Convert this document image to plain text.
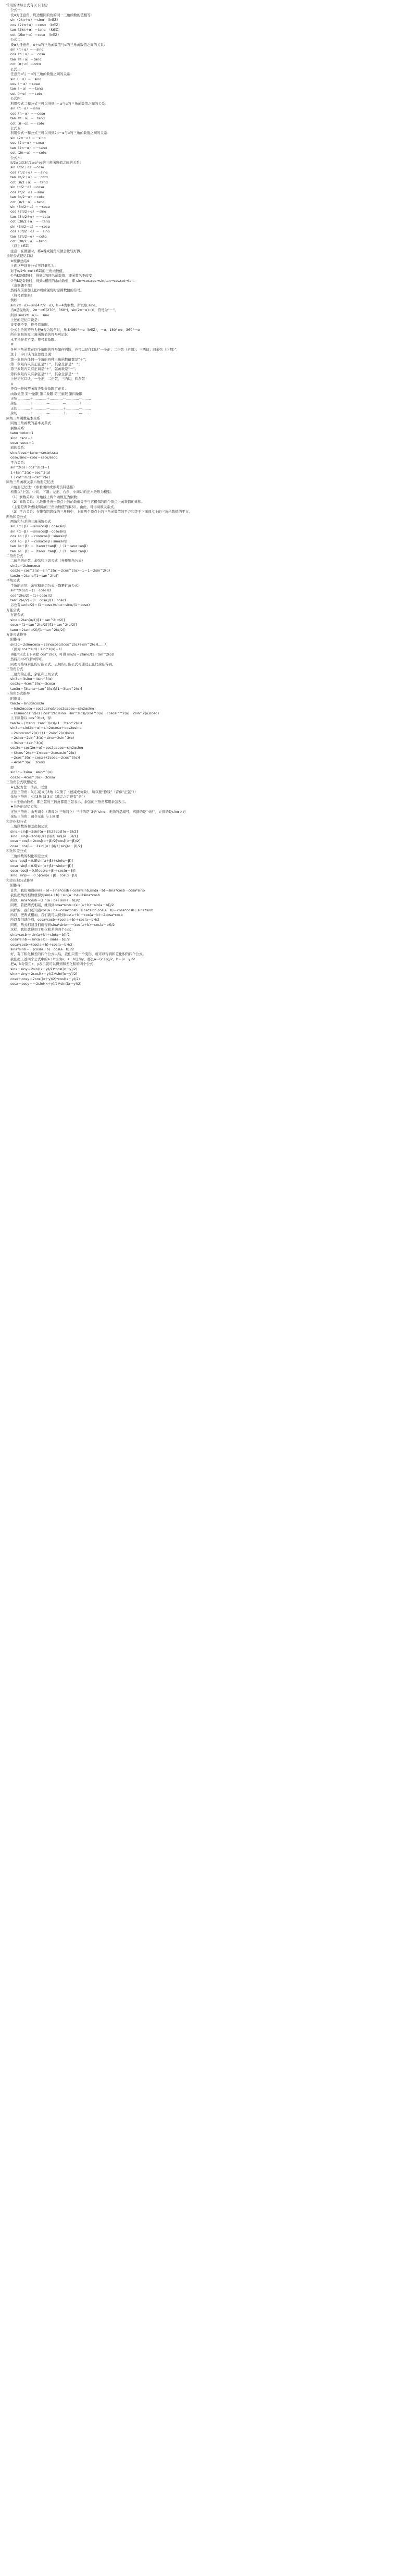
常用的诱导公式有以下几组：
公式一：
设α为任意角，终边相同的角的同一三角函数的值相等：
sin（2kπ＋α）＝sinα　（k∈Z）
cos（2kπ＋α）＝cosα　（k∈Z）
tan（2kπ＋α）＝tanα　（k∈Z）
cot（2kπ＋α）＝cotα　（k∈Z）
公式二：
设α为任意角，π＋α的三角函数值与α的三角函数值之间的关系：
sin（π＋α）＝－sinα
cos（π＋α）＝－cosα
tan（π＋α）＝tanα
cot（π＋α）＝cotα
公式三：
任意角α与 －α的三角函数值之间的关系：
sin（－α）＝－sinα
cos（－α）＝cosα
tan（－α）＝－tanα
cot（－α）＝－cotα
公式四：
利用公式二和公式三可以得到π－α与α的三角函数值之间的关系：
sin（π－α）＝sinα
cos（π－α）＝－cosα
tan（π－α）＝－tanα
cot（π－α）＝－cotα
公式五：
利用公式一和公式三可以得到2π－α与α的三角函数值之间的关系：
sin（2π－α）＝－sinα
cos（2π－α）＝cosα
tan（2π－α）＝－tanα
cot（2π－α）＝－cotα
公式六：
π/2±α及3π/2±α与α的三角函数值之间的关系：
sin（π/2＋α）＝cosα
cos（π/2＋α）＝－sinα
tan（π/2＋α）＝－cotα
cot（π/2＋α）＝－tanα
sin（π/2－α）＝cosα
cos（π/2－α）＝sinα
tan（π/2－α）＝cotα
cot（π/2－α）＝tanα
sin（3π/2＋α）＝－cosα
cos（3π/2＋α）＝sinα
tan（3π/2＋α）＝－cotα
cot（3π/2＋α）＝－tanα
sin（3π/2－α）＝－cosα
cos（3π/2－α）＝－sinα
tan（3π/2－α）＝cotα
cot（3π/2－α）＝tanα
（以上k∈Z）
注意：在做题时，将a看成锐角来做会比较好做。
诱导公式记忆口诀
※规律总结※
上面这些诱导公式可以概括为：
对于π/2*k ±α(k∈Z)的三角函数值，
①当k是偶数时，得到α的同名函数值，即函数名不改变；
②当k是奇数时，得到α相应的余函数值，即 sin→cos;cos→sin;tan→cot,cot→tan.
（奇变偶不变）
然后在前面加上把α看成锐角时原函数值的符号。
（符号看象限）
例如：
sin(2π－α)＝sin(4·π/2－α)，k＝4为偶数，所以取 sinα。
当α是锐角时，2π－α∈(270°，360°)，sin(2π－α)＜0，符号为“－”。
所以 sin(2π－α)＝－sinα
上述的记忆口诀是：
奇变偶不变，符号看象限。
公式右边的符号为把α视为锐角时，角 k·360°＋α（k∈Z），－α、180°±α，360°－α
所在象限的原三角函数值的符号可记忆
水平诱导名不变；符号看象限。
＃
各种三角函数在四个象限的符号如何判断，也可以记住口诀“一全正；二正弦（余割）；三两切；四余弦（正割）”．
这十二字口诀的意思就是说：
第一象限内任何一个角的四种三角函数值都是“＋”；
第二象限内只有正弦是“＋”，其余全部是“－”；
第三象限内只有正切是“＋”，弦函数是“－”；
第四象限内只有余弦是“＋”，其余全部是“－”．
上述记忆口诀，一全正，二正弦，三内切，四余弦
＃
还有一种按照函数类型分象限定正负：
函数类型 第一象限 第二象限 第三象限 第四象限
正弦 ...........＋............＋............—............—........
余弦 ...........＋............—............—............＋........
正切 ...........＋............—............＋............—........
余切 ...........＋............—............＋............—........
同角三角函数基本关系
同角三角函数的基本关系式
倒数关系：
tanα ·cotα＝1
sinα ·cscα＝1
cosα ·secα＝1
商的关系：
sinα/cosα＝tanα＝secα/cscα
cosα/sinα＝cotα＝cscα/secα
平方关系：
sin^2(α)＋cos^2(α)＝1
1＋tan^2(α)＝sec^2(α)
1＋cot^2(α)＝csc^2(α)
同角三角函数关系六角形记忆法
六角形记忆法：（参看图片或参考资料链接）
构造以"上弦、中切、下割；左正、右余、中间1"的正六边形为模型。
（1）倒数关系：对角线上两个函数互为倒数；
（2）商数关系：六边形任意一顶点上的函数值等于与它相邻的两个顶点上函数值的乘积。
（主要是两条虚线两端的三角函数值的乘积）。由此，可得商数关系式。
（3）平方关系：在带有阴影线的三角形中，上面两个顶点上的三角函数值的平方和等于下面顶点上的三角函数值的平方。
两角和差公式
两角和与差的三角函数公式
sin（α＋β）＝sinαcosβ＋cosαsinβ
sin（α－β）＝sinαcosβ－cosαsinβ
cos（α＋β）＝cosαcosβ－sinαsinβ
cos（α－β）＝cosαcosβ＋sinαsinβ
tan（α＋β）＝（tanα＋tanβ）/（1－tanα·tanβ）
tan（α－β）＝（tanα－tanβ）/（1＋tanα·tanβ）
二倍角公式
二倍角的正弦、余弦和正切公式（升幂缩角公式）
sin2α＝2sinαcosα
cos2α＝cos^2(α)－sin^2(α)＝2cos^2(α)－1＝1－2sin^2(α)
tan2α＝2tanα/[1－tan^2(α)]
半角公式
半角的正弦、余弦和正切公式（降幂扩角公式）
sin^2(α/2)＝(1－cosα)/2
cos^2(α/2)＝(1＋cosα)/2
tan^2(α/2)＝(1－cosα)/(1＋cosα)
另也有tan(α/2)＝(1－cosα)/sinα＝sinα/(1＋cosα)
万能公式
万能公式
sinα＝2tan(α/2)/[1＋tan^2(α/2)]
cosα＝[1－tan^2(α/2)]/[1＋tan^2(α/2)]
tanα＝2tan(α/2)/[1－tan^2(α/2)]
万能公式推导
附推导：
sin2α＝2sinαcosα＝2sinαcosα/(cos^2(α)＋sin^2(α))......*，
（因为 cos^2(α)＋sin^2(α)＝1）
再把*分式上下同除 cos^2(α)，可得 sin2α＝2tanα/(1＋tan^2(α))
然后用α/2代替α即可。
同理可推导余弦的万能公式。正切的万能公式可通过正弦比余弦得到。
三倍角公式
三倍角的正弦、余弦和正切公式
sin3α＝3sinα－4sin^3(α)
cos3α＝4cos^3(α)－3cosα
tan3α＝[3tanα－tan^3(α)]/[1－3tan^2(α)]
三倍角公式推导
附推导：
tan3α＝sin3α/cos3α
＝(sin2αcosα＋cos2αsinα)/(cos2αcosα－sin2αsinα)
＝(2sinαcos^2(α)＋cos^2(α)sinα－sin^3(α))/(cos^3(α)－cosαsin^2(α)－2sin^2(α)cosα)
上下同除以 cos^3(α)，得：
tan3α＝(3tanα－tan^3(α))/(1－3tan^2(α))
sin3α＝sin(2α＋α)＝sin2αcosα＋cos2αsinα
＝2sinαcos^2(α)＋(1－2sin^2(α))sinα
＝2sinα－2sin^3(α)＋sinα－2sin^3(α)
＝3sinα－4sin^3(α)
cos3α＝cos(2α＋α)＝cos2αcosα－sin2αsinα
＝(2cos^2(α)－1)cosα－2cosαsin^2(α)
＝2cos^3(α)－cosα＋(2cosα－2cos^3(α))
＝4cos^3(α)－3cosα
即
sin3α＝3sinα－4sin^3(α)
cos3α＝4cos^3(α)－3cosα
三倍角公式联想记忆
★记忆方法：谐音、联想
正弦三倍角：3元 减 4元3角（欠债了（被减成负数），所以要“挣钱”（音似“正弦”））
余弦三倍角：4元3角 减 3元（减完之后还有“余”）
☆☆注意函数名，即正弦的三倍角都用正弦表示，余弦的三倍角都用余弦表示。
★另外的记忆方法：
正弦三倍角：山无司令（谐音为 三无四立）三指的是“3倍”sinα，无指的是减号，四指的是“4倍”，立指的是sinα立方
余弦三倍角：司令无山 与上同理
和差化积公式
三角函数的和差化积公式
sinα＋sinβ＝2sin[(α＋β)/2]·cos[(α－β)/2]
sinα－sinβ＝2cos[(α＋β)/2]·sin[(α－β)/2]
cosα＋cosβ＝2cos[(α＋β)/2]·cos[(α－β)/2]
cosα－cosβ＝－2sin[(α＋β)/2]·sin[(α－β)/2]
积化和差公式
三角函数的积化和差公式
sinα ·cosβ＝0.5[sin(α＋β)＋sin(α－β)]
cosα ·sinβ＝0.5[sin(α＋β)－sin(α－β)]
cosα ·cosβ＝0.5[cos(α＋β)＋cos(α－β)]
sinα ·sinβ＝－0.5[cos(α＋β)－cos(α－β)]
和差化积公式推导
附推导：
首先，我们知道sin(a＋b)＝sina*cosb＋cosa*sinb,sin(a－b)＝sina*cosb－cosa*sinb
我们把两式相加就得到sin(a＋b)＋sin(a－b)＝2sina*cosb
所以，sina*cosb＝(sin(a＋b)＋sin(a－b))/2
同理，若把两式相减，就得到cosa*sinb＝(sin(a＋b)－sin(a－b))/2
同样的，我们还知道cos(a＋b)＝cosa*cosb－sina*sinb,cos(a－b)＝cosa*cosb＋sina*sinb
所以，把两式相加，我们就可以得到cos(a＋b)＋cos(a－b)＝2cosa*cosb
所以我们就得到，cosa*cosb＝(cos(a＋b)＋cos(a－b))/2
同理，两式相减我们就得到sina*sinb＝－(cos(a＋b)－cos(a－b))/2
这样，我们就得到了积化和差的四个公式：
sina*cosb＝(sin(a＋b)＋sin(a－b))/2
cosa*sinb＝(sin(a＋b)－sin(a－b))/2
cosa*cosb＝(cos(a＋b)＋cos(a－b))/2
sina*sinb＝－(cos(a＋b)－cos(a－b))/2
好，有了积化和差的四个公式以后，我们只需一个变形，就可以得到和差化积的四个公式。
我们把上述四个公式中的a＋b设为x，a－b设为y，那么a＝(x＋y)/2，b＝(x－y)/2
把a，b分别用x，y表示就可以得到和差化积的四个公式：
sinx＋siny＝2sin((x＋y)/2)*cos((x－y)/2)
sinx－siny＝2cos((x＋y)/2)*sin((x－y)/2)
cosx＋cosy＝2cos((x＋y)/2)*cos((x－y)/2)
cosx－cosy＝－2sin((x＋y)/2)*sin((x－y)/2)
